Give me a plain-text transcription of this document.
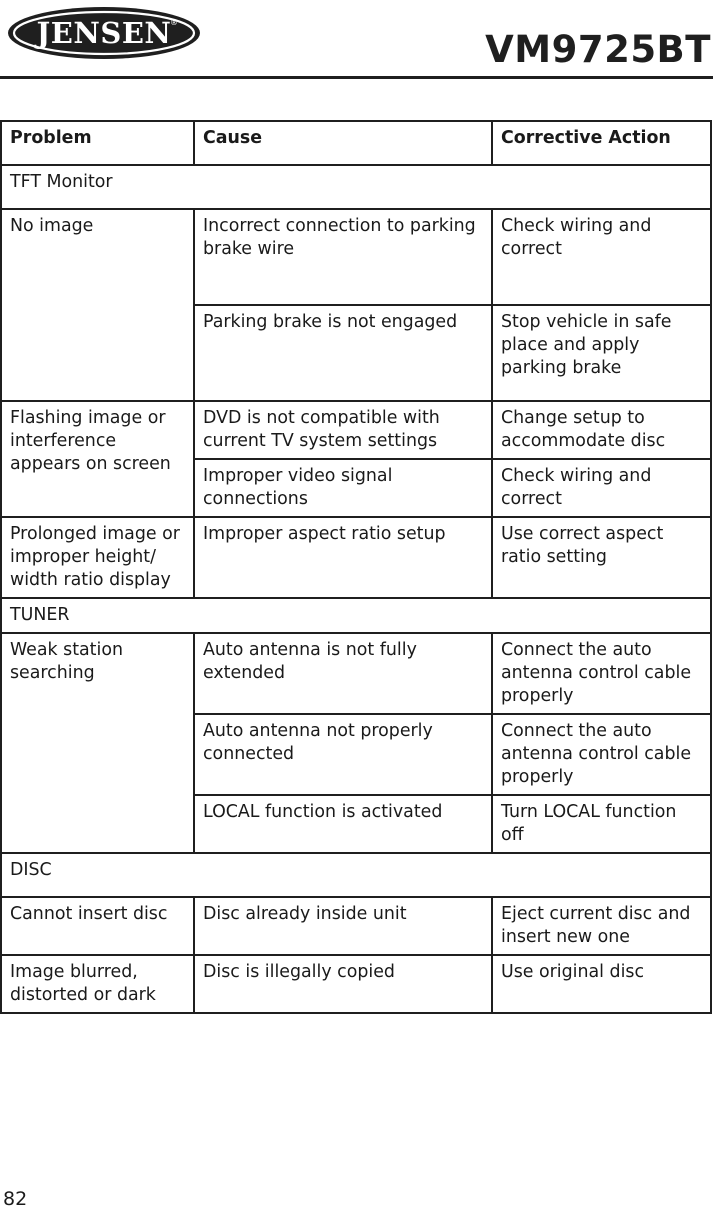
JENSEN
®
VM9725BT
Problem	Cause	Corrective Action
TFT Monitor		
No image	Incorrect connection to parking brake wire	Check wiring and correct
	Parking brake is not engaged	Stop vehicle in safe place and apply parking brake
Flashing image or interference appears on screen	DVD is not compatible with current TV system settings	Change setup to accommodate disc
	Improper video signal connections	Check wiring and correct
Prolonged image or improper height/ width ratio display	Improper aspect ratio setup	Use correct aspect ratio setting
TUNER		
Weak station searching	Auto antenna is not fully extended	Connect the auto antenna control cable properly
	Auto antenna not properly connected	Connect the auto antenna control cable properly
	LOCAL function is activated	Turn LOCAL function off
DISC		
Cannot insert disc	Disc already inside unit	Eject current disc and insert new one
Image blurred, distorted or dark	Disc is illegally copied	Use original disc
82
